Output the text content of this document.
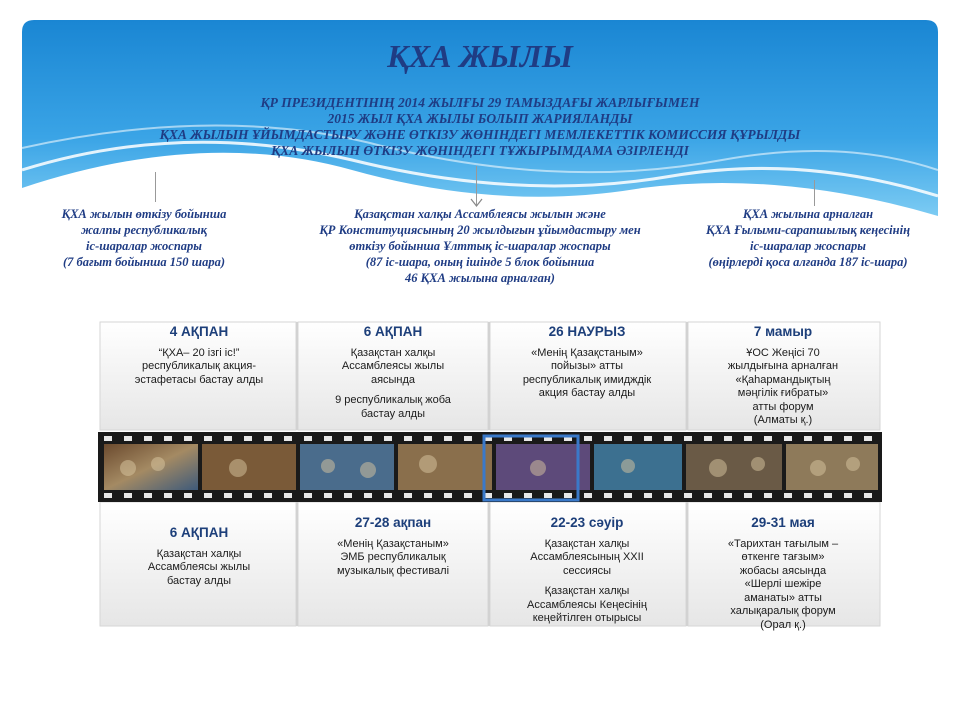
ҚХА ЖЫЛЫ
ҚР ПРЕЗИДЕНТІНІҢ 2014 ЖЫЛҒЫ 29 ТАМЫЗДАҒЫ ЖАРЛЫҒЫМЕН
2015 ЖЫЛ ҚХА ЖЫЛЫ БОЛЫП ЖАРИЯЛАНДЫ
ҚХА ЖЫЛЫН ҰЙЫМДАСТЫРУ ЖӘНЕ ӨТКІЗУ ЖӨНІНДЕГІ МЕМЛЕКЕТТІК КОМИССИЯ ҚҰРЫЛДЫ
ҚХА ЖЫЛЫН ӨТКІЗУ ЖӨНІНДЕГІ ТҰЖЫРЫМДАМА ӘЗІРЛЕНДІ
ҚХА жылын өткізу бойынша
жалпы республикалық
іс-шаралар жоспары
(7 бағыт бойынша 150 шара)
Қазақстан халқы Ассамблеясы жылын және
ҚР Конституциясының 20 жылдығын ұйымдастыру мен
өткізу бойынша Ұлттық іс-шаралар жоспары
(87 іс-шара, оның ішінде 5 блок бойынша
46 ҚХА жылына арналған)
ҚХА жылына арналған
ҚХА Ғылыми-сарапшылық кеңесінің
іс-шаралар жоспары
(өңірлерді қоса алғанда 187 іс-шара)
4 АҚПАН
“ҚХА– 20 ізгі іс!”
республикалық акция-
эстафетасы бастау алды
6 АҚПАН
Қазақстан халқы
Ассамблеясы жылы
аясында
9 республикалық жоба
бастау алды
26 НАУРЫЗ
«Менің Қазақстаным»
пойызы» атты
республикалық имидждік
акция бастау алды
7 мамыр
ҰОС Жеңісі 70
жылдығына арналған
«Қаһармандықтың
мәңгілік ғибраты»
атты форум
(Алматы қ.)
6 АҚПАН
Қазақстан халқы
Ассамблеясы жылы
бастау алды
27-28 ақпан
«Менің Қазақстаным»
ЭМБ республикалық
музыкалық фестивалі
22-23 сәуір
Қазақстан халқы
Ассамблеясының XXII
сессиясы
Қазақстан халқы
Ассамблеясы Кеңесінің
кеңейтілген отырысы
29-31 мая
«Тарихтан тағылым –
өткенге тағзым»
жобасы аясында
«Шерлі шежіре
аманаты» атты
халықаралық форум
(Орал қ.)
